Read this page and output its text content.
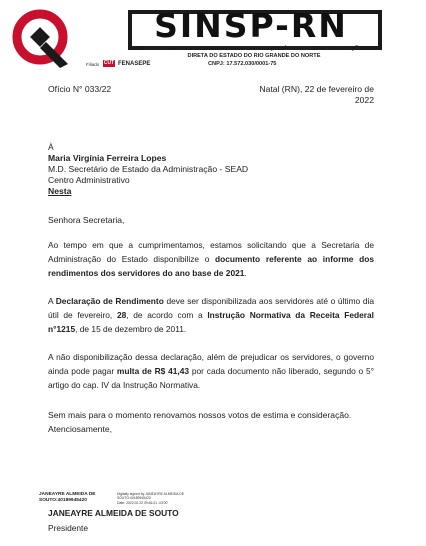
SINSP-RN
SINDICATO DOS TRABALHADORES DO SERVIÇO PÚBLICO DA ADMINISTRAÇÃO
DIRETA DO ESTADO DO RIO GRANDE DO NORTE
Filiado CUT FENASEPE	CNPJ: 17.572.030/0001-75
Ofício N° 033/22	Natal (RN), 22 de fevereiro de 2022
À
Maria Virgínia Ferreira Lopes
M.D. Secretário de Estado da Administração - SEAD
Centro Administrativo
Nesta
Senhora Secretaria,
Ao tempo em que a cumprimentamos, estamos solicitando que a Secretaria de Administração do Estado disponibilize o documento referente ao informe dos rendimentos dos servidores do ano base de 2021.
A Declaração de Rendimento deve ser disponibilizada aos servidores até o último dia útil de fevereiro, 28, de acordo com a Instrução Normativa da Receita Federal n°1215, de 15 de dezembro de 2011.
A não disponibilização dessa declaração, além de prejudicar os servidores, o governo ainda pode pagar multa de R$ 41,43 por cada documento não liberado, segundo o 5° artigo do cap. IV da Instrução Normativa.
Sem mais para o momento renovamos nossos votos de estima e consideração.
Atenciosamente,
JANEAYRE ALMEIDA DE SOUTO:40189945420
Digitally signed by JANEAYRE ALMEIDA DE
SOUTO:40189945420
Date: 2022.02.22 09:46:21 -03'00'
JANEAYRE ALMEIDA DE SOUTO
Presidente
